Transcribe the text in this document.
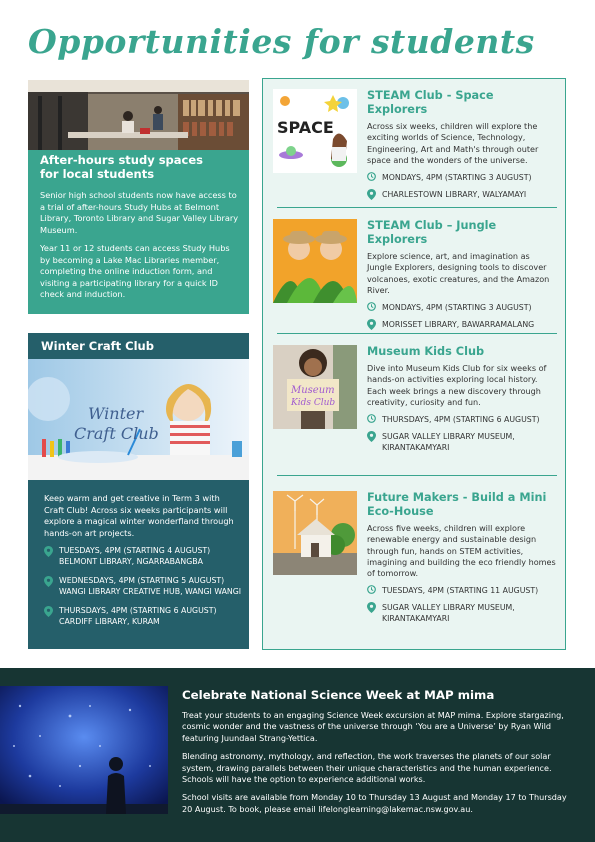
Opportunities for students
After-hours study spaces
for local students

Senior high school students now have access to a trial of after-hours Study Hubs at Belmont Library, Toronto Library and Sugar Valley Library Museum.

Year 11 or 12 students can access Study Hubs by becoming a Lake Mac Libraries member, completing the online induction form, and visiting a participating library for a quick ID check and induction.

Winter Craft Club
Winter
Craft Club
Keep warm and get creative in Term 3 with Craft Club! Across six weeks participants will explore a magical winter wonderfland through hands-on art projects.
TUESDAYS, 4PM (STARTING 4 AUGUST)
BELMONT LIBRARY, NGARRABANGBA
WEDNESDAYS, 4PM (STARTING 5 AUGUST)
WANGI LIBRARY CREATIVE HUB, WANGI WANGI
THURSDAYS, 4PM (STARTING 6 AUGUST)
CARDIFF LIBRARY, KURAM
SPACE
STEAM Club - Space Explorers
Across six weeks, children will explore the exciting worlds of Science, Technology, Engineering, Art and Math's through outer space and the wonders of the universe.
MONDAYS, 4PM (STARTING 3 AUGUST)
CHARLESTOWN LIBRARY, WALYAMAYI
STEAM Club – Jungle Explorers
Explore science, art, and imagination as Jungle Explorers, designing tools to discover volcanoes, exotic creatures, and the Amazon River.
MONDAYS, 4PM (STARTING 3 AUGUST)
MORISSET LIBRARY, BAWARRAMALANG
Museum
Kids Club
Museum Kids Club
Dive into Museum Kids Club for six weeks of hands-on activities exploring local history. Each week brings a new discovery through creativity, curiosity and fun.
THURSDAYS, 4PM (STARTING 6 AUGUST)
SUGAR VALLEY LIBRARY MUSEUM, KIRANTAKAMYARI
Future Makers - Build a Mini Eco-House
Across five weeks, children will explore renewable energy and sustainable design through fun, hands on STEM activities, imagining and building the eco friendly homes of tomorrow.
TUESDAYS, 4PM (STARTING 11 AUGUST)
SUGAR VALLEY LIBRARY MUSEUM, KIRANTAKAMYARI
Celebrate National Science Week at MAP mima

Treat your students to an engaging Science Week excursion at MAP mima. Explore stargazing, cosmic wonder and the vastness of the universe through ‘You are a Universe’ by Ryan Wild featuring Juundaal Strang-Yettica.

Blending astronomy, mythology, and reflection, the work traverses the planets of our solar system, drawing parallels between their unique characteristics and the human experience. Schools will have the option to experience additional works.

School visits are available from Monday 10 to Thursday 13 August and Monday 17 to Thursday 20 August. To book, please email lifelonglearning@lakemac.nsw.gov.au.
